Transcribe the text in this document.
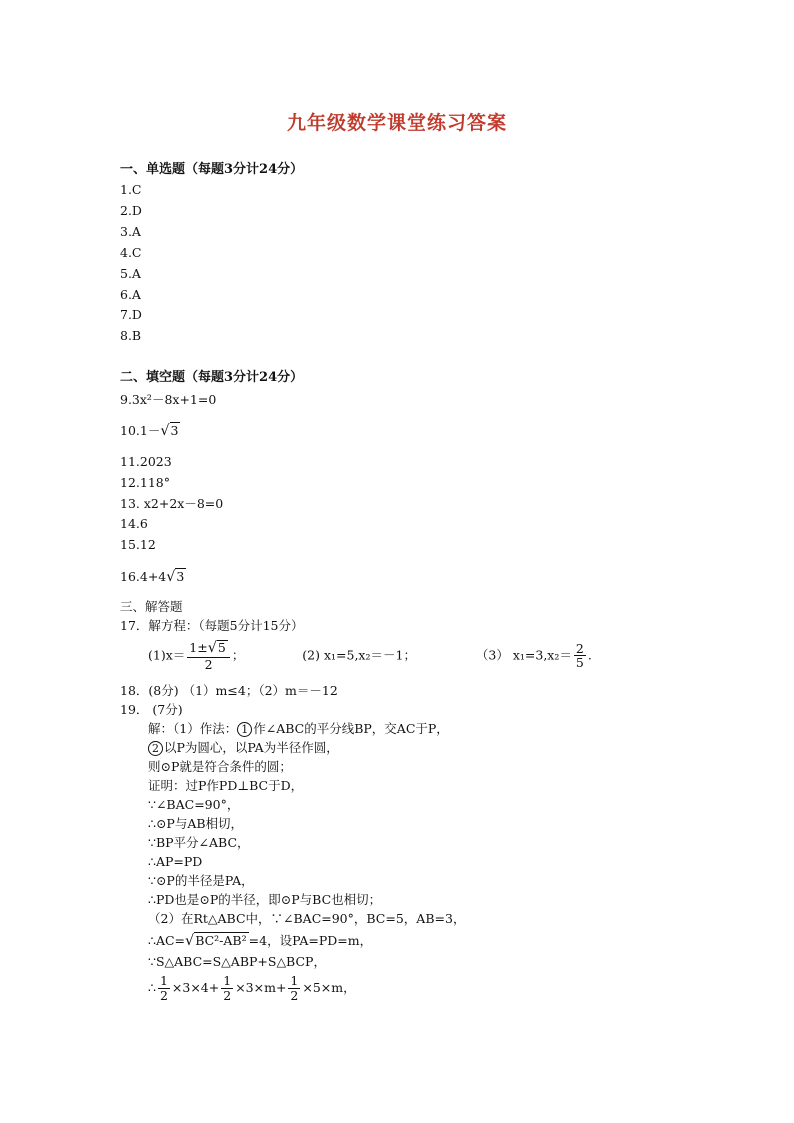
九年级数学课堂练习答案
一、单选题（每题3分计24分）
1.C
2.D
3.A
4.C
5.A
6.A
7.D
8.B
二、填空题（每题3分计24分）
9.3x²－8x+1=0
10.1－√3
11.2023
12.118°
13. x2+2x－8=0
14.6
15.12
16.4+4√3
三、解答题
17．解方程：（每题5分计15分）
$(1)x= \frac{1\pm√5}{2}$ ；	(2) x₁=5,x₂＝－1；	（3） $x_1=3,x_2= \frac{2}{5}$ .
18．(8分) （1）m≤4；（2）m＝－12
19． (7分)
解：（1）作法： 1 作∠ABC的平分线BP，交AC于P，
2 以P为圆心，以PA为半径作圆，
则⊙P就是符合条件的圆；
证明：过P作PD⊥BC于D，
∵∠BAC=90°，
∴⊙P与AB相切，
∵BP平分∠ABC，
∴AP=PD
∵⊙P的半径是PA，
∴PD也是⊙P的半径，即⊙P与BC也相切；
（2）在Rt△ABC中，∵∠BAC=90°，BC=5，AB=3，
∴AC=√BC²-AB² =4，设PA=PD=m，
∵S△ABC=S△ABP+S△BCP，
∴ $\frac{1}{2} \times 3\times 4+ \frac{1}{2} \times 3\times m+ \frac{1}{2} \times 5\times m$，
